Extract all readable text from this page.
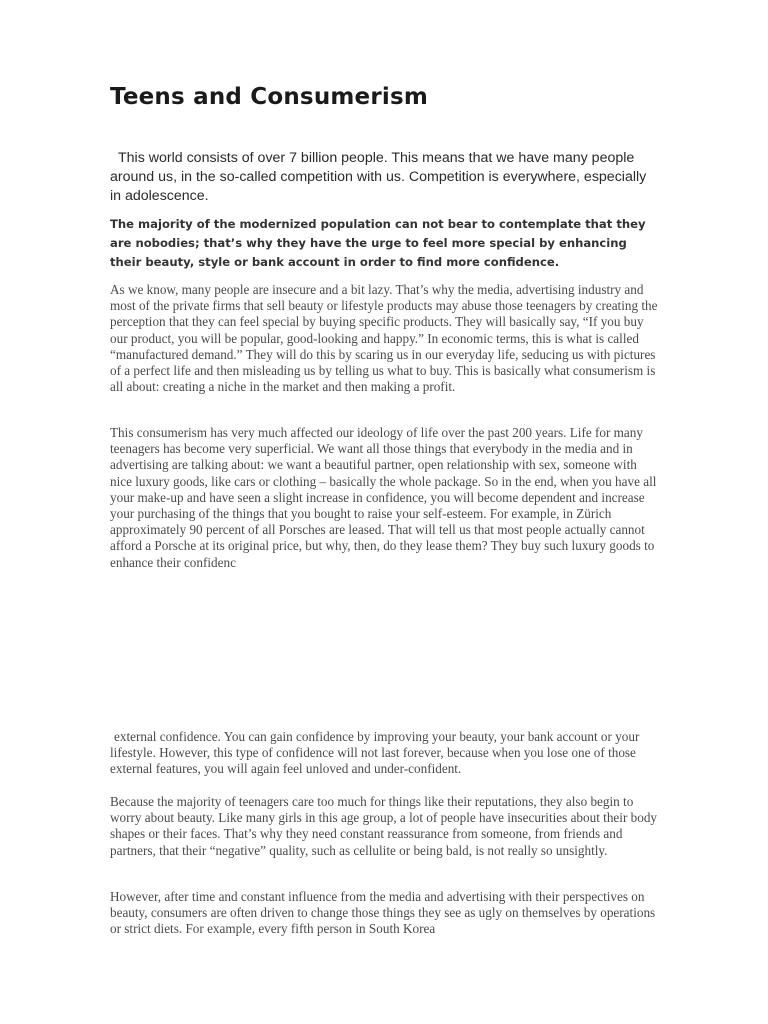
Teens and Consumerism

This world consists of over 7 billion people. This means that we have many people around us, in the so-called competition with us. Competition is everywhere, especially in adolescence.

The majority of the modernized population can not bear to contemplate that they are nobodies; that’s why they have the urge to feel more special by enhancing their beauty, style or bank account in order to find more confidence.

As we know, many people are insecure and a bit lazy. That’s why the media, advertising industry and most of the private firms that sell beauty or lifestyle products may abuse those teenagers by creating the perception that they can feel special by buying specific products. They will basically say, “If you buy our product, you will be popular, good-looking and happy.” In economic terms, this is what is called “manufactured demand.” They will do this by scaring us in our everyday life, seducing us with pictures of a perfect life and then misleading us by telling us what to buy. This is basically what consumerism is all about: creating a niche in the market and then making a profit.

This consumerism has very much affected our ideology of life over the past 200 years. Life for many teenagers has become very superficial. We want all those things that everybody in the media and in advertising are talking about: we want a beautiful partner, open relationship with sex, someone with nice luxury goods, like cars or clothing – basically the whole package. So in the end, when you have all your make-up and have seen a slight increase in confidence, you will become dependent and increase your purchasing of the things that you bought to raise your self-esteem. For example, in Zürich approximately 90 percent of all Porsches are leased. That will tell us that most people actually cannot afford a Porsche at its original price, but why, then, do they lease them? They buy such luxury goods to enhance their confidenc

external confidence. You can gain confidence by improving your beauty, your bank account or your lifestyle. However, this type of confidence will not last forever, because when you lose one of those external features, you will again feel unloved and under-confident.

Because the majority of teenagers care too much for things like their reputations, they also begin to worry about beauty. Like many girls in this age group, a lot of people have insecurities about their body shapes or their faces. That’s why they need constant reassurance from someone, from friends and partners, that their “negative” quality, such as cellulite or being bald, is not really so unsightly.

However, after time and constant influence from the media and advertising with their perspectives on beauty, consumers are often driven to change those things they see as ugly on themselves by operations or strict diets. For example, every fifth person in South Korea
